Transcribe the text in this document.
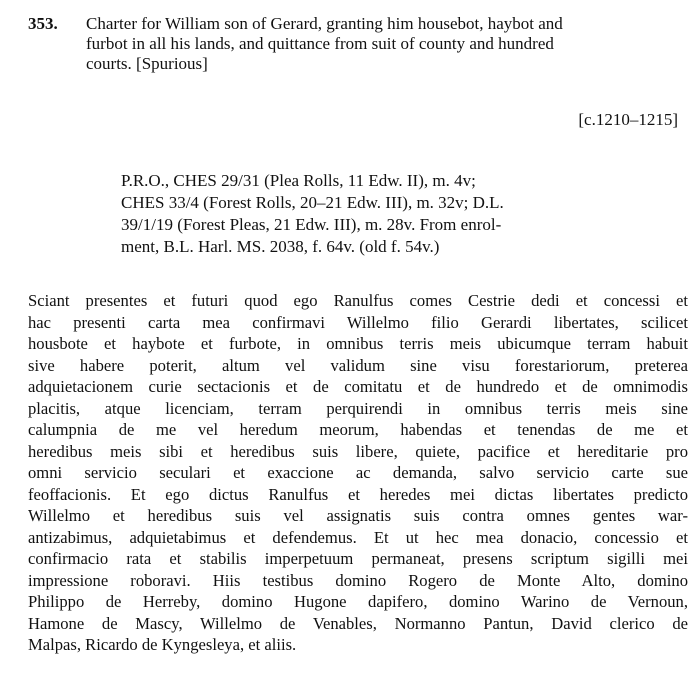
353. Charter for William son of Gerard, granting him housebot, haybot and
furbot in all his lands, and quittance from suit of county and hundred
courts. [Spurious]
[c.1210–1215]
P.R.O., CHES 29/31 (Plea Rolls, 11 Edw. II), m. 4v;
CHES 33/4 (Forest Rolls, 20–21 Edw. III), m. 32v; D.L.
39/1/19 (Forest Pleas, 21 Edw. III), m. 28v. From enrol-
ment, B.L. Harl. MS. 2038, f. 64v. (old f. 54v.)
Sciant presentes et futuri quod ego Ranulfus comes Cestrie dedi et concessi et
hac presenti carta mea confirmavi Willelmo filio Gerardi libertates, scilicet
housbote et haybote et furbote, in omnibus terris meis ubicumque terram habuit
sive habere poterit, altum vel validum sine visu forestariorum, preterea
adquietacionem curie sectacionis et de comitatu et de hundredo et de omnimodis
placitis, atque licenciam, terram perquirendi in omnibus terris meis sine
calumpnia de me vel heredum meorum, habendas et tenendas de me et
heredibus meis sibi et heredibus suis libere, quiete, pacifice et hereditarie pro
omni servicio seculari et exaccione ac demanda, salvo servicio carte sue
feoffacionis. Et ego dictus Ranulfus et heredes mei dictas libertates predicto
Willelmo et heredibus suis vel assignatis suis contra omnes gentes war-
antizabimus, adquietabimus et defendemus. Et ut hec mea donacio, concessio et
confirmacio rata et stabilis imperpetuum permaneat, presens scriptum sigilli mei
impressione roboravi. Hiis testibus domino Rogero de Monte Alto, domino
Philippo de Herreby, domino Hugone dapifero, domino Warino de Vernoun,
Hamone de Mascy, Willelmo de Venables, Normanno Pantun, David clerico de
Malpas, Ricardo de Kyngesleya, et aliis.
